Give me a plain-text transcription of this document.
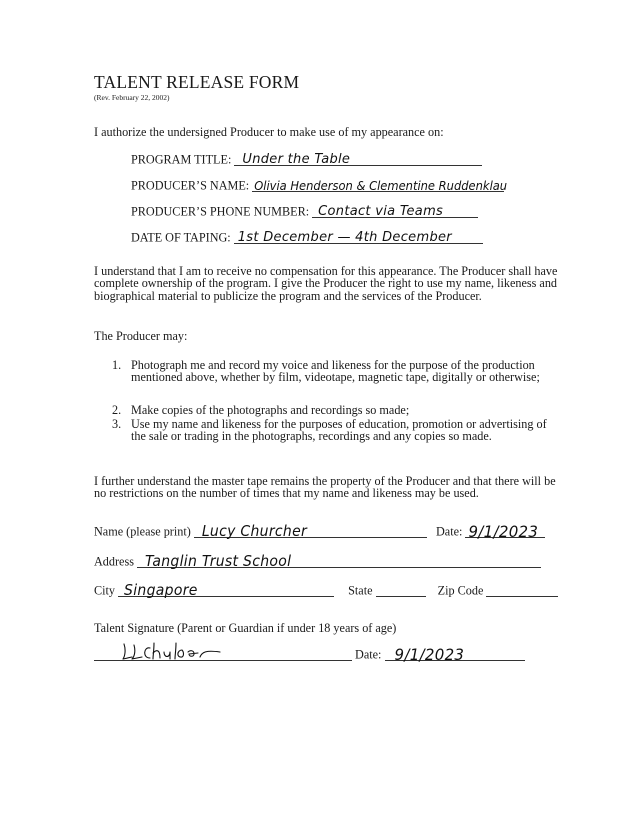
TALENT RELEASE FORM
(Rev. February 22, 2002)
I authorize the undersigned Producer to make use of my appearance on:
PROGRAM TITLE: Under the Table
PRODUCER’S NAME: Olivia Henderson & Clementine Ruddenklau
PRODUCER’S PHONE NUMBER: Contact via Teams
DATE OF TAPING: 1st December — 4th December
I understand that I am to receive no compensation for this appearance. The Producer shall have complete ownership of the program. I give the Producer the right to use my name, likeness and biographical material to publicize the program and the services of the Producer.
The Producer may:
1. Photograph me and record my voice and likeness for the purpose of the production mentioned above, whether by film, videotape, magnetic tape, digitally or otherwise;
2. Make copies of the photographs and recordings so made;
3. Use my name and likeness for the purposes of education, promotion or advertising of the sale or trading in the photographs, recordings and any copies so made.
I further understand the master tape remains the property of the Producer and that there will be no restrictions on the number of times that my name and likeness may be used.
Name (please print) Lucy Churcher	Date: 9/1/2023
Address Tanglin Trust School
City Singapore	State	Zip Code
Talent Signature (Parent or Guardian if under 18 years of age)
Date: 9/1/2023
